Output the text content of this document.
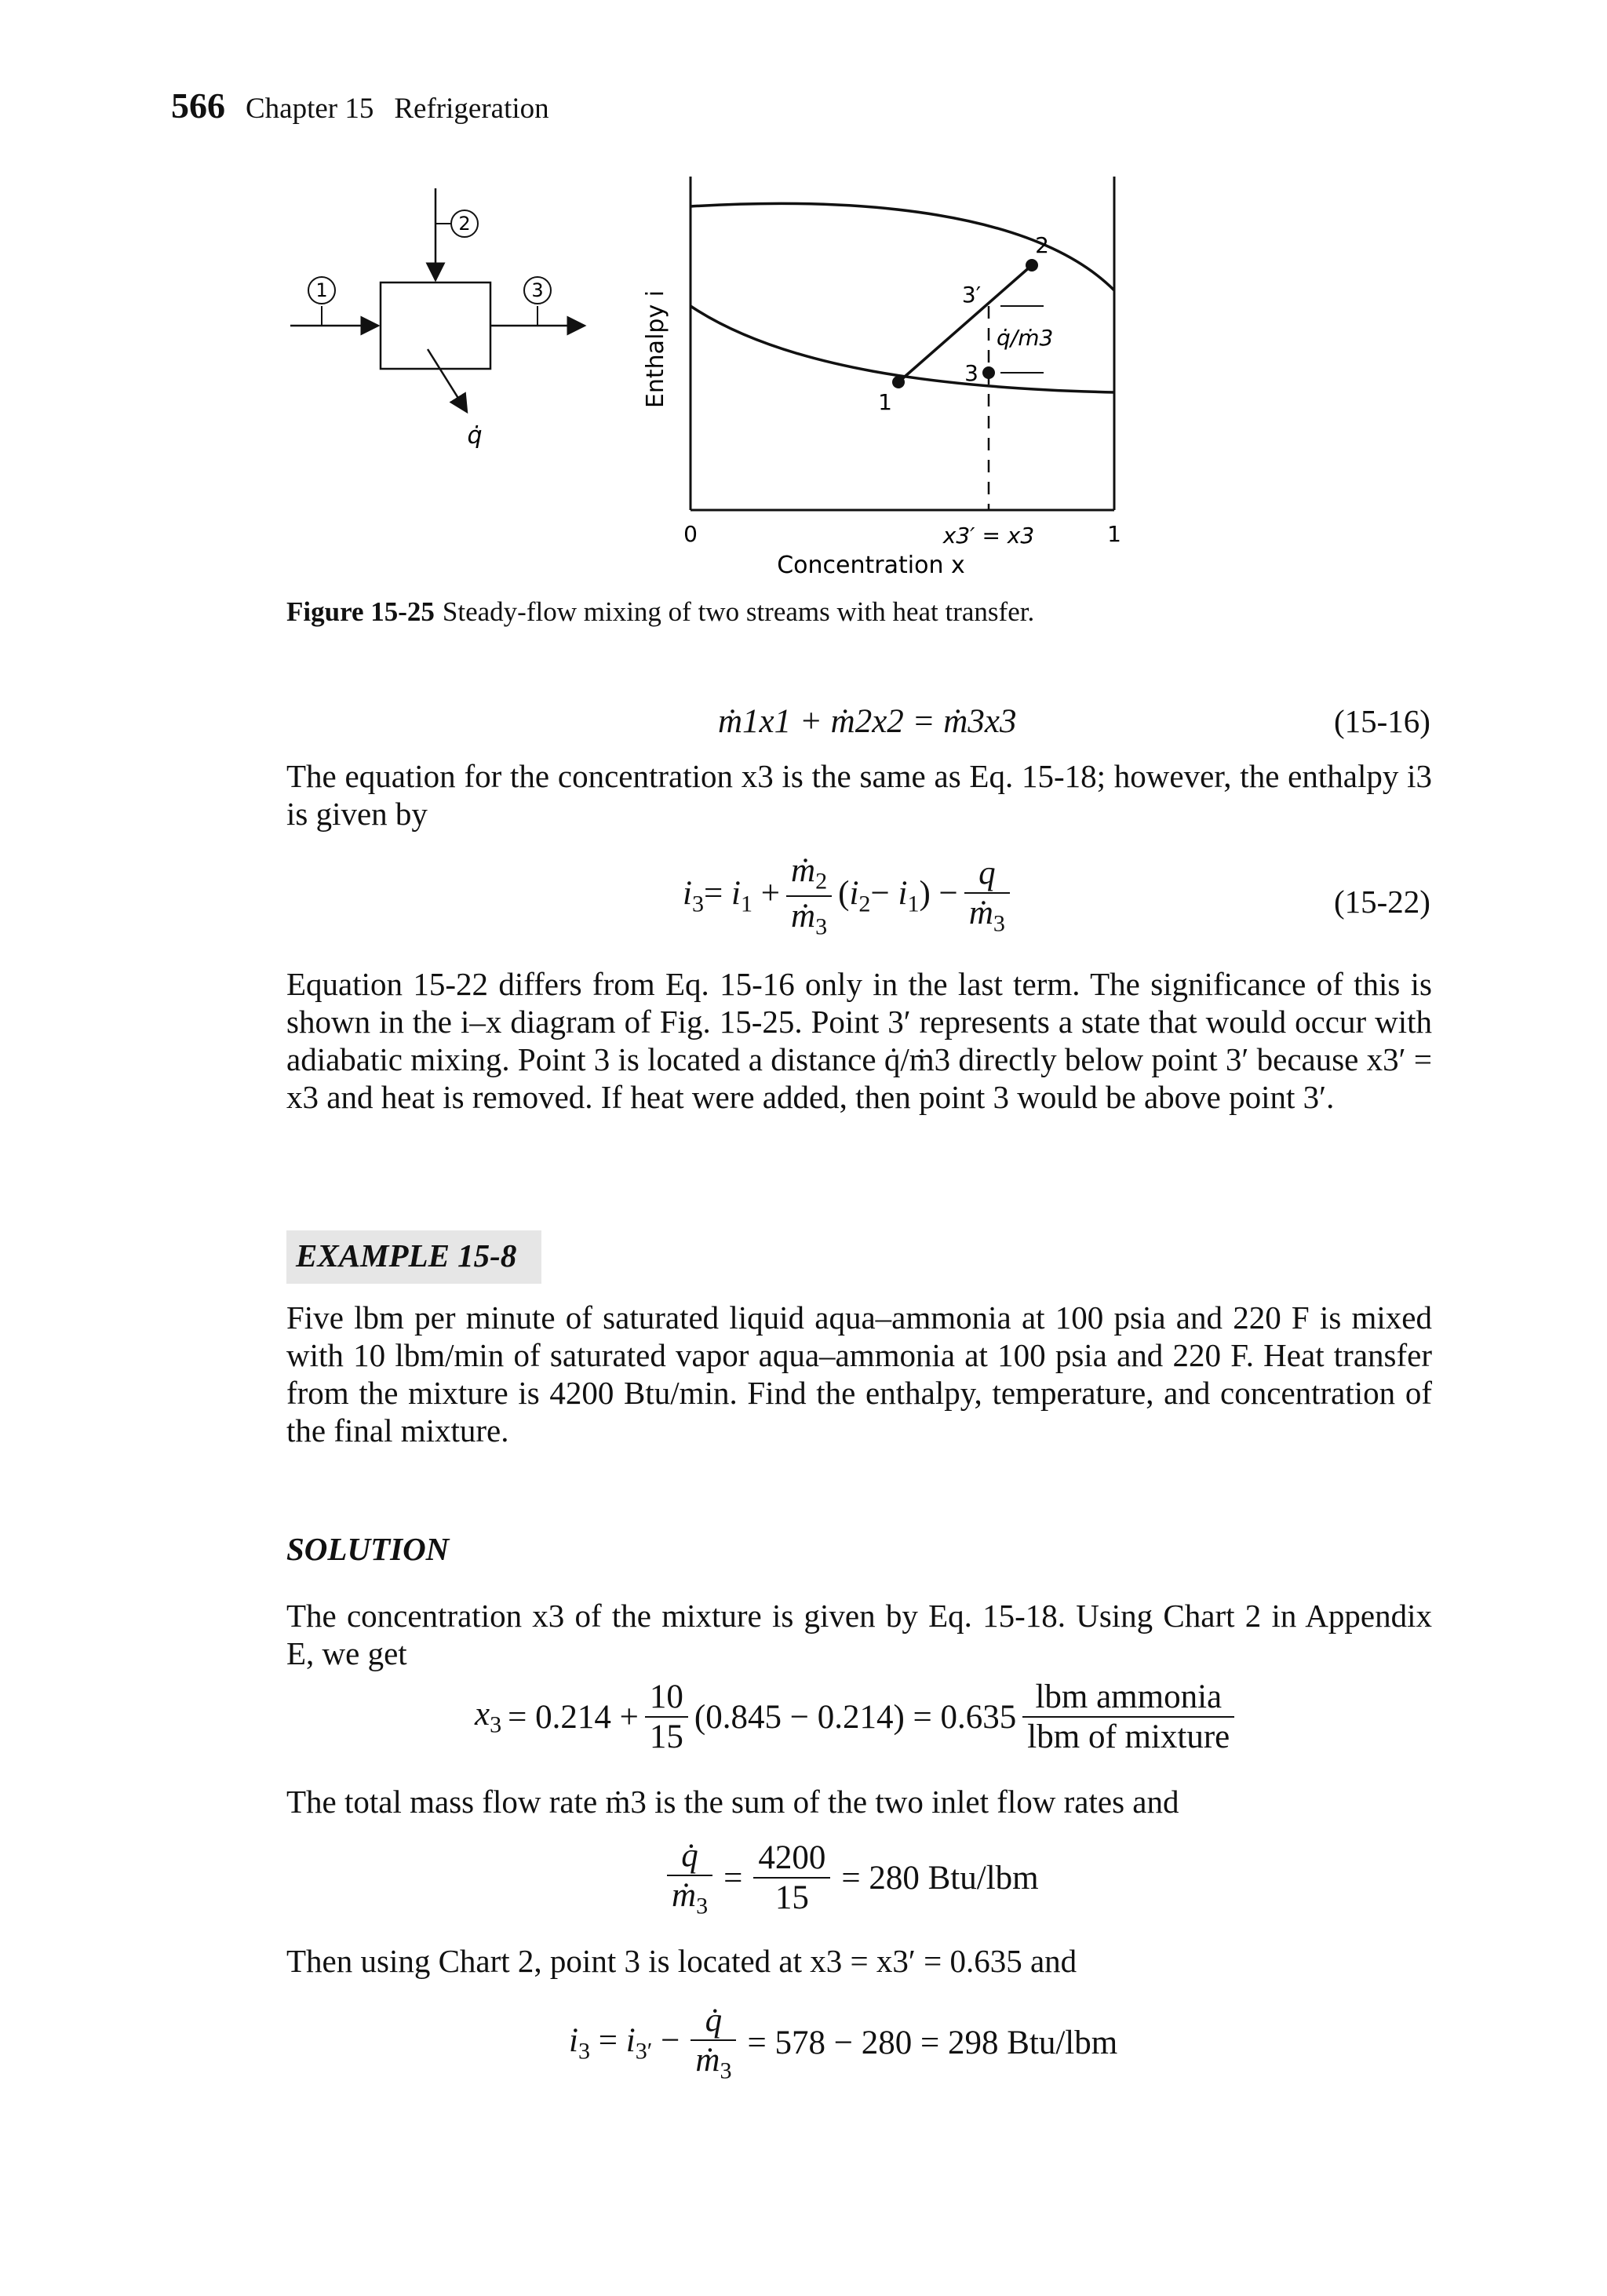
566 Chapter 15 Refrigeration
1
2
3
q̇
1
2
3
3′
q̇/ṁ3
0	1
x3′ = x3
Concentration x
Enthalpy i
Figure 15-25 Steady-flow mixing of two streams with heat transfer.
ṁ1x1 + ṁ2x2 = ṁ3x3	(15-16)
The equation for the concentration x3 is the same as Eq. 15-18; however, the enthalpy i3 is given by
$i_3= i_1 + \frac{ṁ_2}{ṁ_3} (i_2- i_1) - \frac{q}{ṁ_3}$	(15-22)
Equation 15-22 differs from Eq. 15-16 only in the last term. The significance of this is shown in the i–x diagram of Fig. 15-25. Point 3′ represents a state that would occur with adiabatic mixing. Point 3 is located a distance q̇/ṁ3 directly below point 3′ because x3′ = x3 and heat is removed. If heat were added, then point 3 would be above point 3′.
EXAMPLE 15-8
Five lbm per minute of saturated liquid aqua–ammonia at 100 psia and 220 F is mixed with 10 lbm/min of saturated vapor aqua–ammonia at 100 psia and 220 F. Heat transfer from the mixture is 4200 Btu/min. Find the enthalpy, temperature, and concentration of the final mixture.
SOLUTION
The concentration x3 of the mixture is given by Eq. 15-18. Using Chart 2 in Appendix E, we get
$x_3 = 0.214 + \frac{10}{15} (0.845 - 0.214) = 0.635 \frac{\text{lbm ammonia}}{\text{lbm of mixture}}$
The total mass flow rate ṁ3 is the sum of the two inlet flow rates and
$\frac{q̇}{ṁ_3} = \frac{4200}{15} = 280$ Btu/lbm
Then using Chart 2, point 3 is located at x3 = x3′ = 0.635 and
$i_3 = i_{3'} - \frac{q̇}{ṁ_3} = 578 - 280 = 298$ Btu/lbm
